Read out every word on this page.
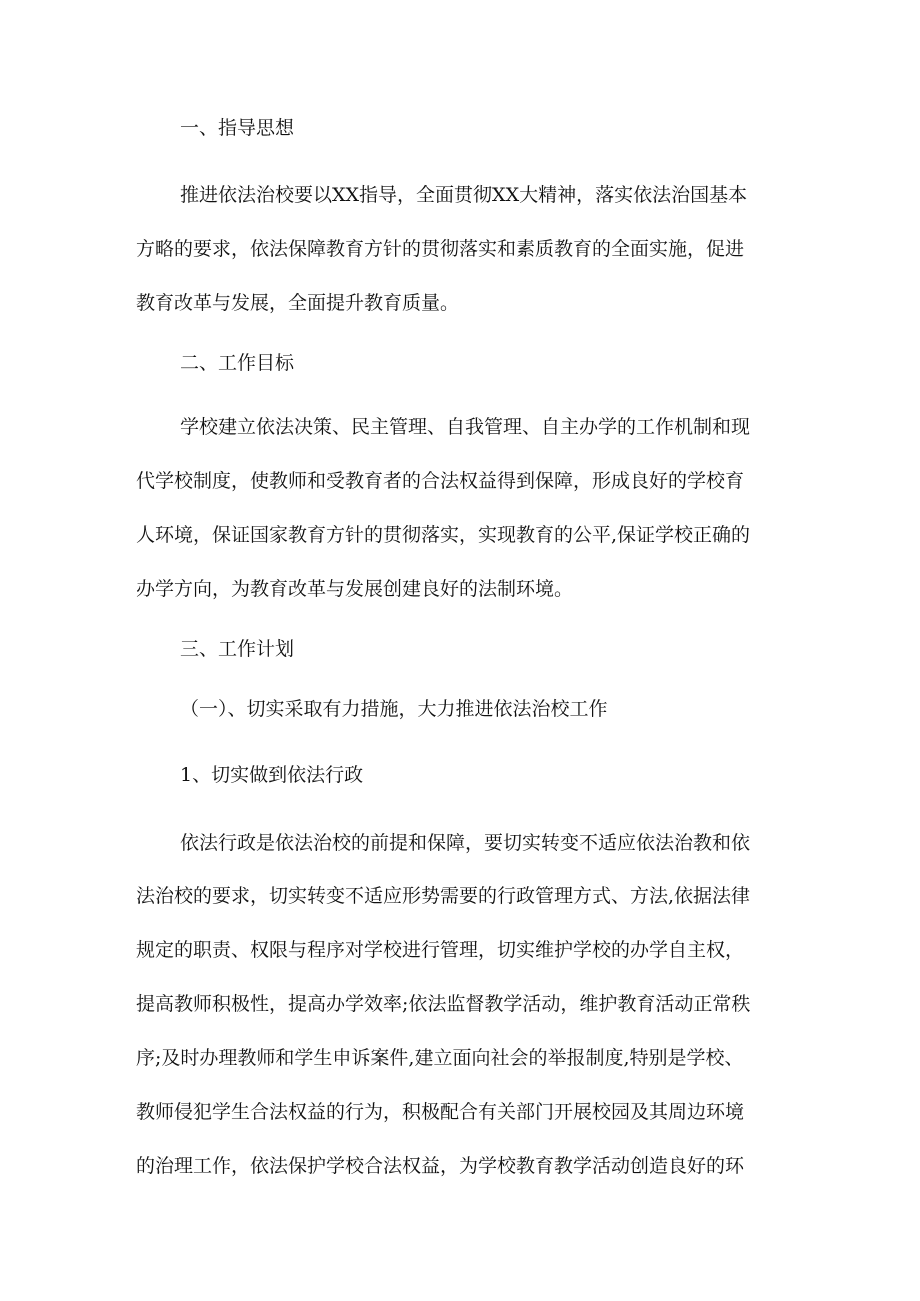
一、指导思想

推进依法治校要以XX指导，全面贯彻XX大精神，落实依法治国基本

方略的要求，依法保障教育方针的贯彻落实和素质教育的全面实施，促进

教育改革与发展，全面提升教育质量。

二、工作目标

学校建立依法决策、民主管理、自我管理、自主办学的工作机制和现

代学校制度，使教师和受教育者的合法权益得到保障，形成良好的学校育

人环境，保证国家教育方针的贯彻落实，实现教育的公平,保证学校正确的

办学方向，为教育改革与发展创建良好的法制环境。

三、工作计划

（一）、切实采取有力措施，大力推进依法治校工作

1、切实做到依法行政

依法行政是依法治校的前提和保障，要切实转变不适应依法治教和依

法治校的要求，切实转变不适应形势需要的行政管理方式、方法,依据法律

规定的职责、权限与程序对学校进行管理，切实维护学校的办学自主权，

提高教师积极性，提高办学效率;依法监督教学活动，维护教育活动正常秩

序;及时办理教师和学生申诉案件,建立面向社会的举报制度,特别是学校、

教师侵犯学生合法权益的行为，积极配合有关部门开展校园及其周边环境

的治理工作，依法保护学校合法权益，为学校教育教学活动创造良好的环
